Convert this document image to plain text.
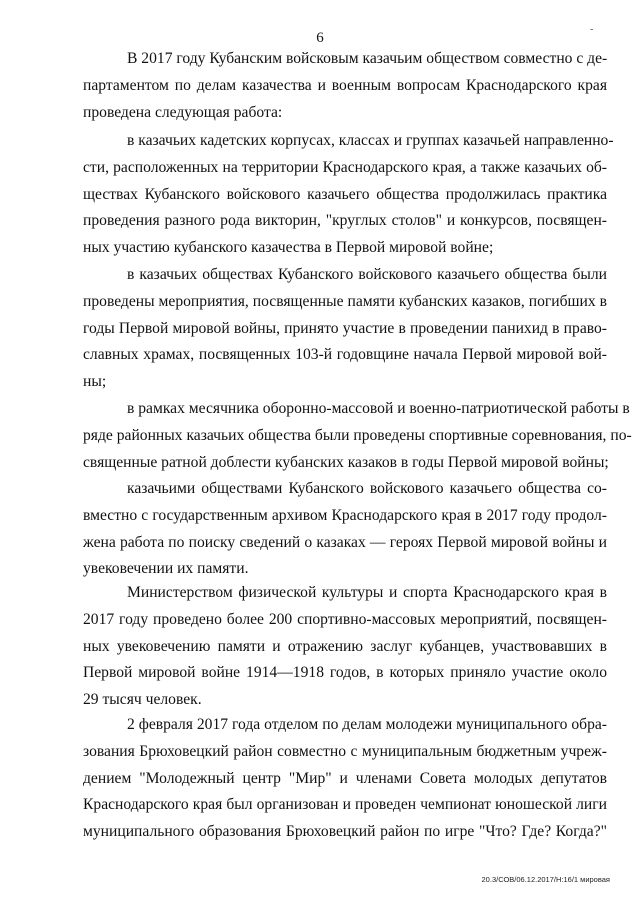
6
-
В 2017 году Кубанским войсковым казачьим обществом совместно с де-
партаментом по делам казачества и военным вопросам Краснодарского края
проведена следующая работа:
в казачьих кадетских корпусах, классах и группах казачьей направленно-
сти, расположенных на территории Краснодарского края, а также казачьих об-
ществах Кубанского войскового казачьего общества продолжилась практика
проведения разного рода викторин, "круглых столов" и конкурсов, посвящен-
ных участию кубанского казачества в Первой мировой войне;
в казачьих обществах Кубанского войскового казачьего общества были
проведены мероприятия, посвященные памяти кубанских казаков, погибших в
годы Первой мировой войны, принято участие в проведении панихид в право-
славных храмах, посвященных 103-й годовщине начала Первой мировой вой-
ны;
в рамках месячника оборонно-массовой и военно-патриотической работы в
ряде районных казачьих общества были проведены спортивные соревнования, по-
священные ратной доблести кубанских казаков в годы Первой мировой войны;
казачьими обществами Кубанского войскового казачьего общества со-
вместно с государственным архивом Краснодарского края в 2017 году продол-
жена работа по поиску сведений о казаках — героях Первой мировой войны и
увековечении их памяти.
Министерством физической культуры и спорта Краснодарского края в
2017 году проведено более 200 спортивно-массовых мероприятий, посвящен-
ных увековечению памяти и отражению заслуг кубанцев, участвовавших в
Первой мировой войне 1914—1918 годов, в которых приняло участие около
29 тысяч человек.
2 февраля 2017 года отделом по делам молодежи муниципального обра-
зования Брюховецкий район совместно с муниципальным бюджетным учреж-
дением "Молодежный центр "Мир" и членами Совета молодых депутатов
Краснодарского края был организован и проведен чемпионат юношеской лиги
муниципального образования Брюховецкий район по игре "Что? Где? Когда?"
20.3/СОВ/06.12.2017/Н:16/1 мировая
